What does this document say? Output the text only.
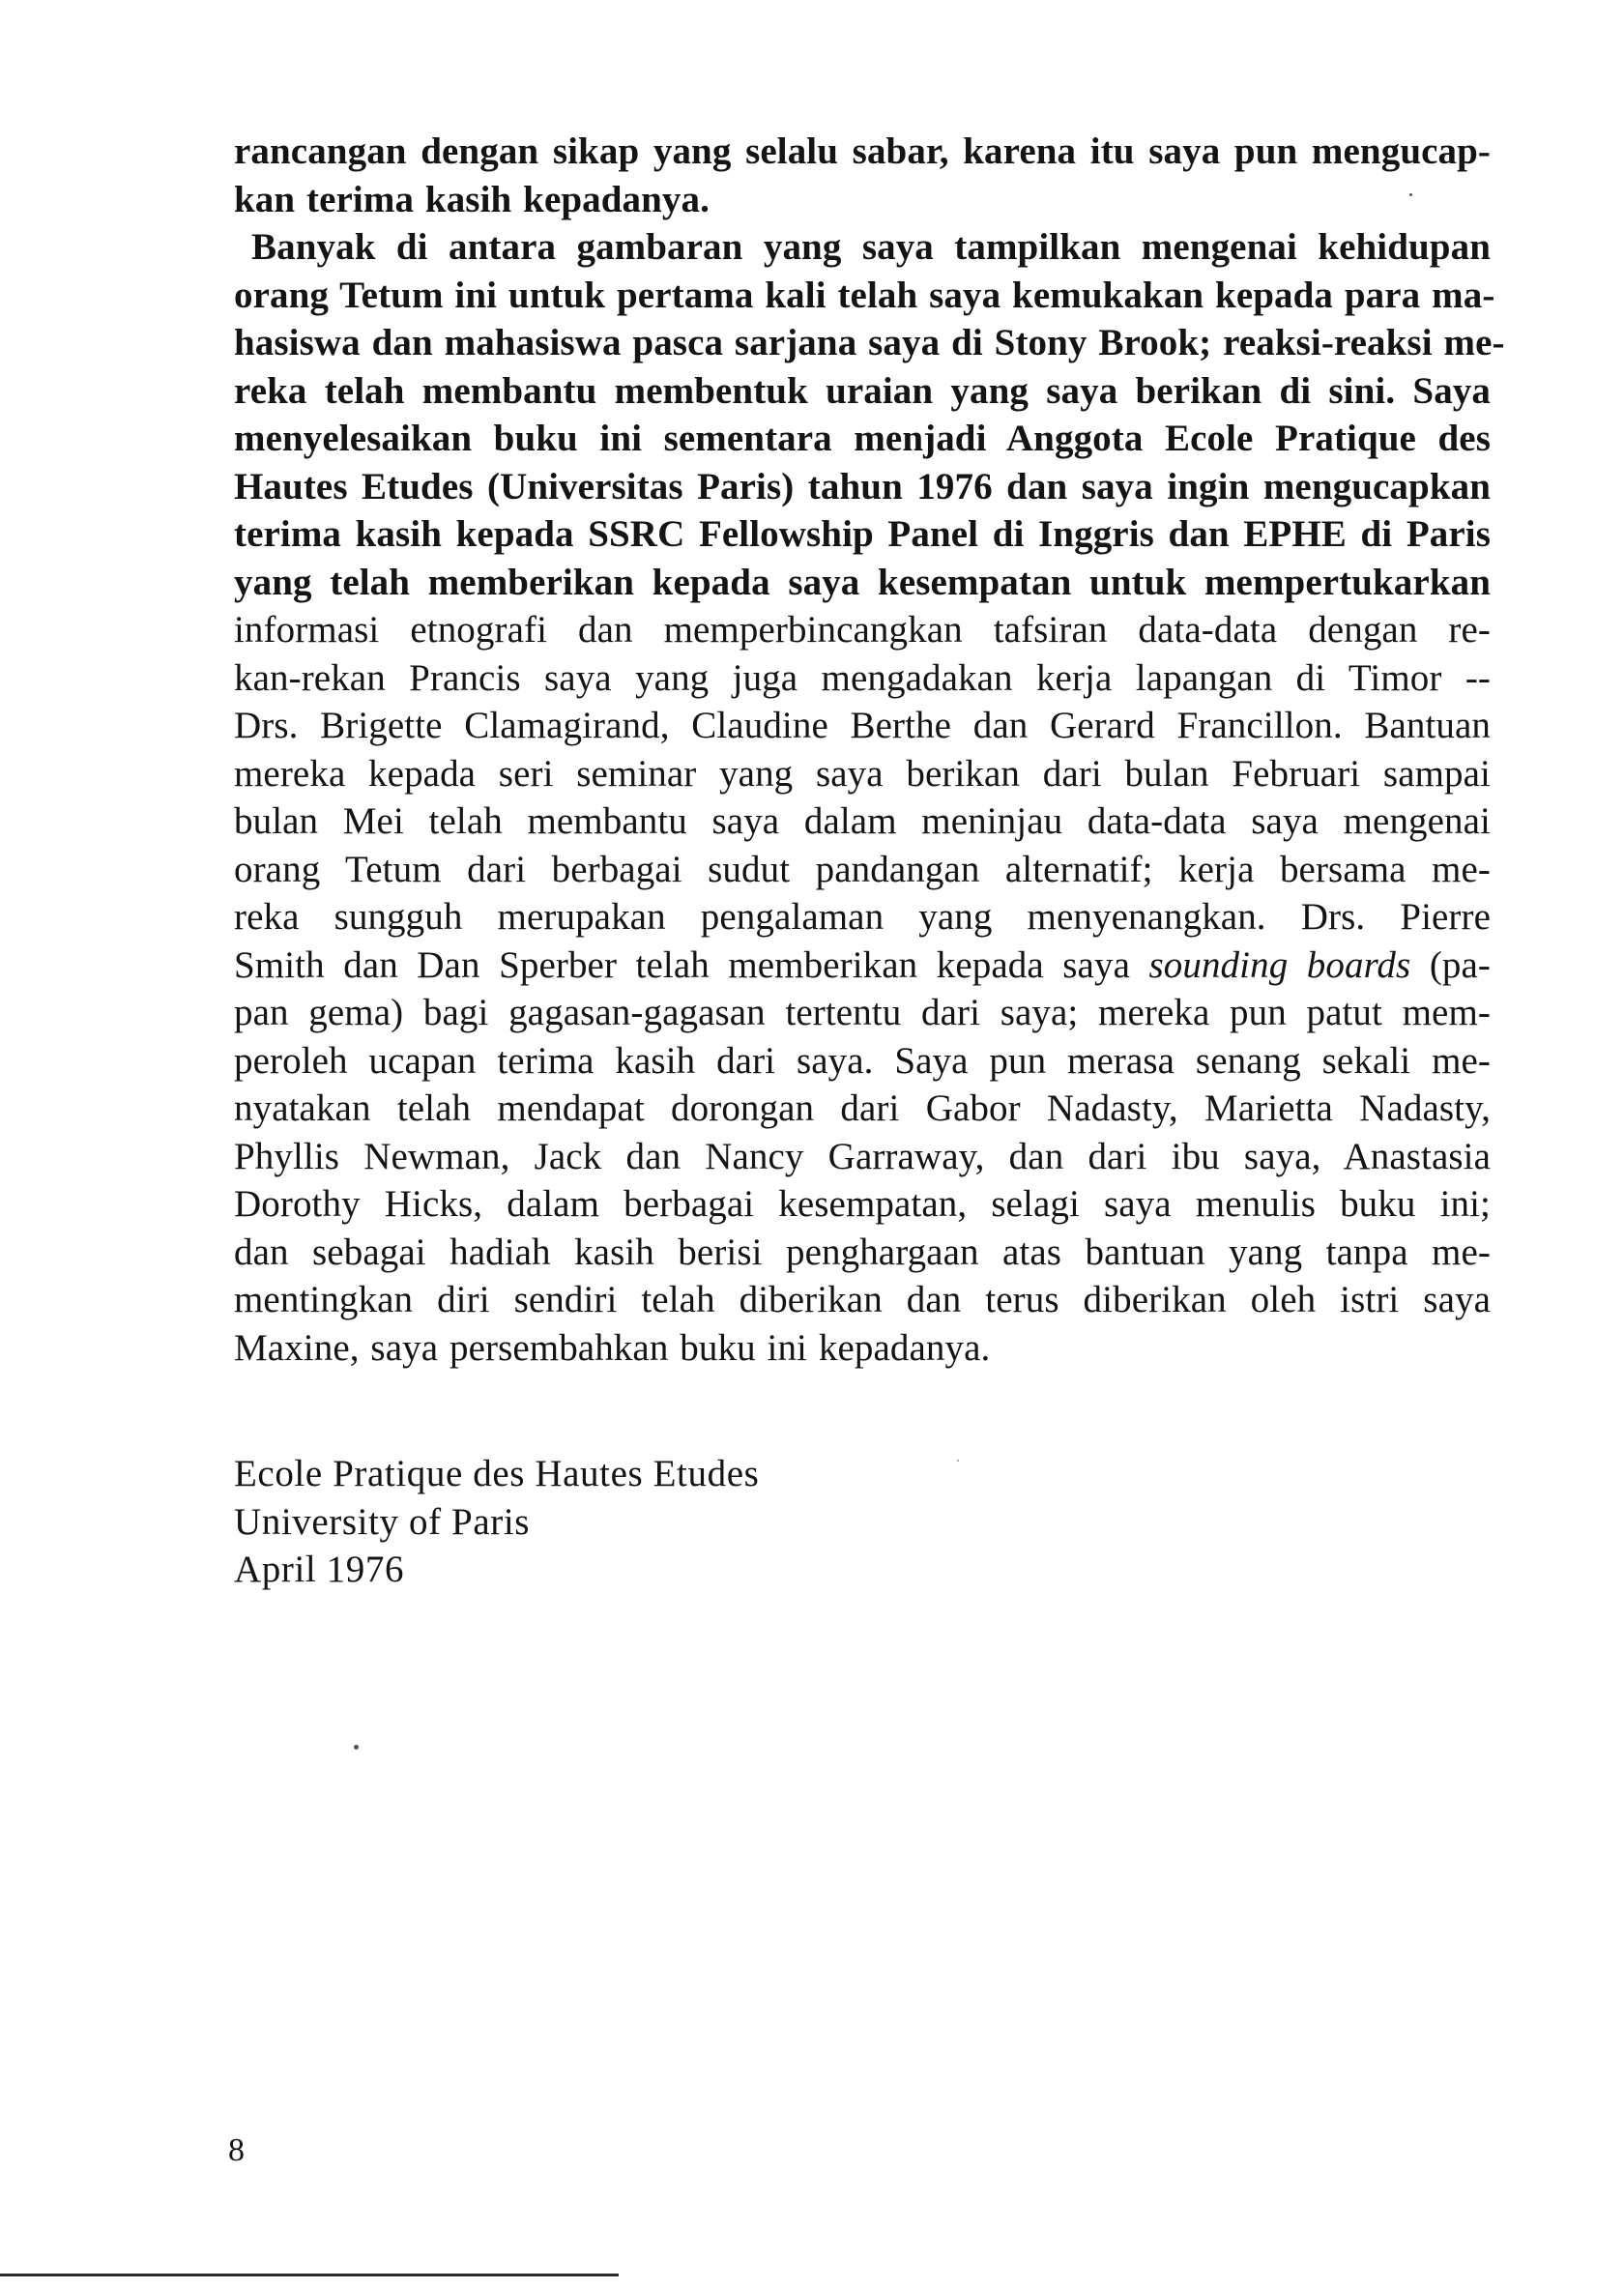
rancangan dengan sikap yang selalu sabar, karena itu saya pun mengucap-
kan terima kasih kepadanya.

Banyak di antara gambaran yang saya tampilkan mengenai kehidupan
orang Tetum ini untuk pertama kali telah saya kemukakan kepada para ma-
hasiswa dan mahasiswa pasca sarjana saya di Stony Brook; reaksi-reaksi me-
reka telah membantu membentuk uraian yang saya berikan di sini. Saya
menyelesaikan buku ini sementara menjadi Anggota Ecole Pratique des
Hautes Etudes (Universitas Paris) tahun 1976 dan saya ingin mengucapkan
terima kasih kepada SSRC Fellowship Panel di Inggris dan EPHE di Paris
yang telah memberikan kepada saya kesempatan untuk mempertukarkan
informasi etnografi dan memperbincangkan tafsiran data-data dengan re-
kan-rekan Prancis saya yang juga mengadakan kerja lapangan di Timor --
Drs. Brigette Clamagirand, Claudine Berthe dan Gerard Francillon. Bantuan
mereka kepada seri seminar yang saya berikan dari bulan Februari sampai
bulan Mei telah membantu saya dalam meninjau data-data saya mengenai
orang Tetum dari berbagai sudut pandangan alternatif; kerja bersama me-
reka sungguh merupakan pengalaman yang menyenangkan. Drs. Pierre
Smith dan Dan Sperber telah memberikan kepada saya sounding boards (pa-
pan gema) bagi gagasan-gagasan tertentu dari saya; mereka pun patut mem-
peroleh ucapan terima kasih dari saya. Saya pun merasa senang sekali me-
nyatakan telah mendapat dorongan dari Gabor Nadasty, Marietta Nadasty,
Phyllis Newman, Jack dan Nancy Garraway, dan dari ibu saya, Anastasia
Dorothy Hicks, dalam berbagai kesempatan, selagi saya menulis buku ini;
dan sebagai hadiah kasih berisi penghargaan atas bantuan yang tanpa me-
mentingkan diri sendiri telah diberikan dan terus diberikan oleh istri saya
Maxine, saya persembahkan buku ini kepadanya.

Ecole Pratique des Hautes Etudes
University of Paris
April 1976
8
